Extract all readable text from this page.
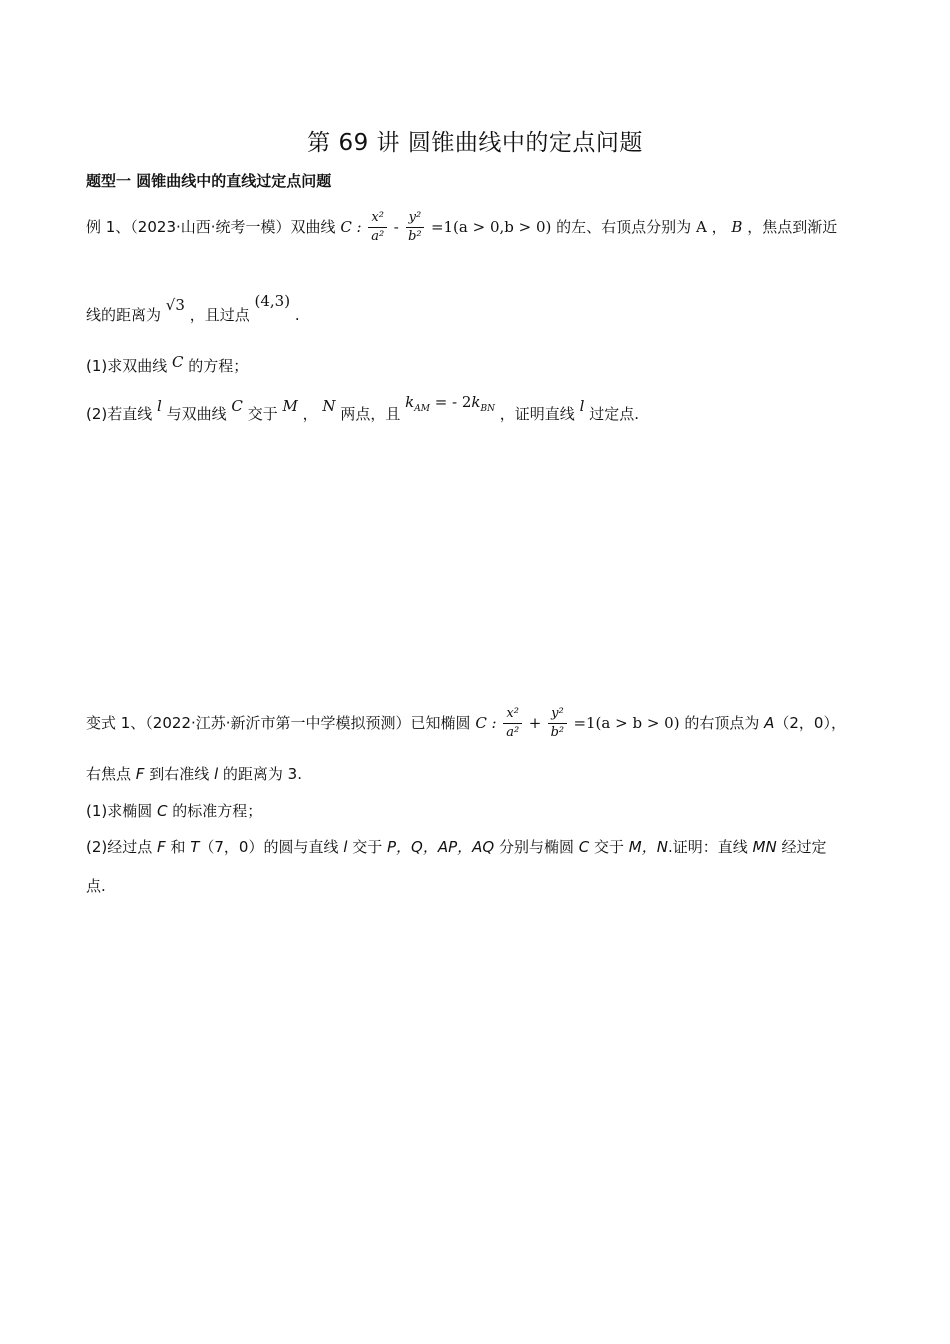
第 69 讲 圆锥曲线中的定点问题
题型一 圆锥曲线中的直线过定点问题
例 1、（2023·山西·统考一模）双曲线 C : $\frac{\text{x²}}{\text{a²}} - \frac{\text{y²}}{\text{b²}} =1(a > 0,b > 0)$ 的左、右顶点分别为 A ， B ，焦点到渐近
线的距离为 √3 ，且过点 (4,3) .
(1)求双曲线 C 的方程；
(2)若直线 l 与双曲线 C 交于 M ， N 两点，且 $k_{AM}$ = - $2k_{BN}$ ，证明直线 l 过定点.
变式 1、（2022·江苏·新沂市第一中学模拟预测）已知椭圆 C : $\frac{\text{x²}}{\text{a²}} + \frac{\text{y²}}{\text{b²}} =1(a > b > 0)$ 的右顶点为 A（2，0），
右焦点 F 到右准线 l 的距离为 3.
(1)求椭圆 C 的标准方程；
(2)经过点 F 和 T（7，0）的圆与直线 l 交于 P，Q，AP，AQ 分别与椭圆 C 交于 M，N.证明：直线 MN 经过定
点.
